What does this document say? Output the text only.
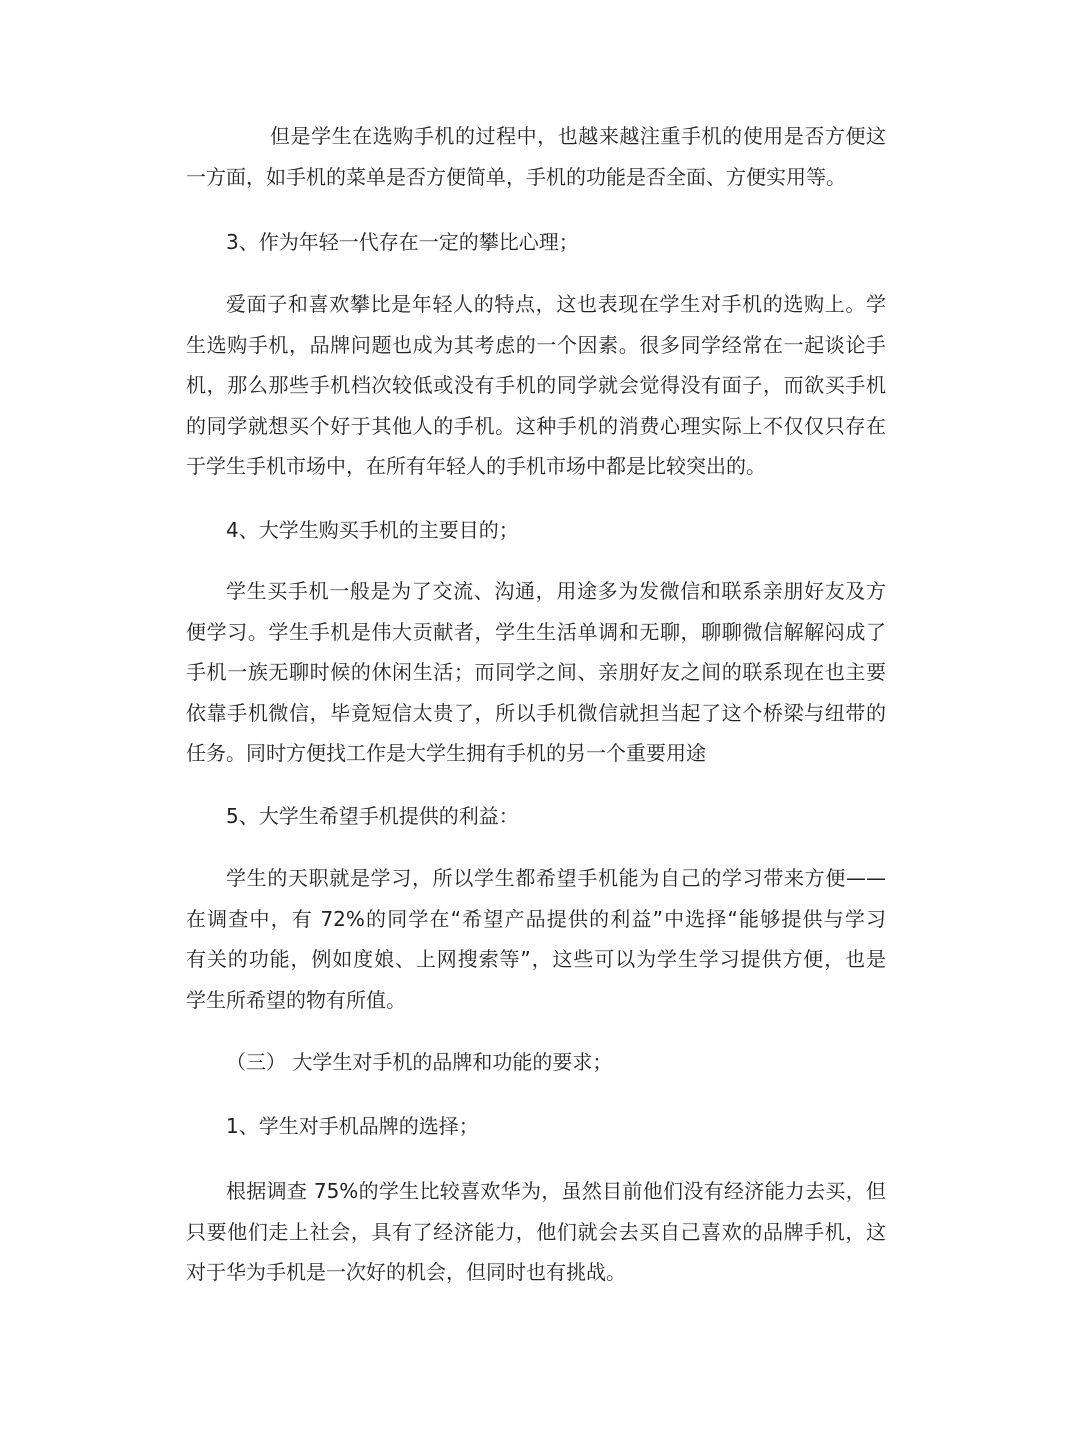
但是学生在选购手机的过程中，也越来越注重手机的使用是否方便这
一方面，如手机的菜单是否方便简单，手机的功能是否全面、方便实用等。
3、作为年轻一代存在一定的攀比心理；
爱面子和喜欢攀比是年轻人的特点，这也表现在学生对手机的选购上。学
生选购手机，品牌问题也成为其考虑的一个因素。很多同学经常在一起谈论手
机，那么那些手机档次较低或没有手机的同学就会觉得没有面子，而欲买手机
的同学就想买个好于其他人的手机。这种手机的消费心理实际上不仅仅只存在
于学生手机市场中，在所有年轻人的手机市场中都是比较突出的。
4、大学生购买手机的主要目的；
学生买手机一般是为了交流、沟通，用途多为发微信和联系亲朋好友及方
便学习。学生手机是伟大贡献者，学生生活单调和无聊，聊聊微信解解闷成了
手机一族无聊时候的休闲生活；而同学之间、亲朋好友之间的联系现在也主要
依靠手机微信，毕竟短信太贵了，所以手机微信就担当起了这个桥梁与纽带的
任务。同时方便找工作是大学生拥有手机的另一个重要用途
5、大学生希望手机提供的利益：
学生的天职就是学习，所以学生都希望手机能为自己的学习带来方便——
在调查中，有 72%的同学在“希望产品提供的利益”中选择“能够提供与学习
有关的功能，例如度娘、上网搜索等”，这些可以为学生学习提供方便，也是
学生所希望的物有所值。
（三） 大学生对手机的品牌和功能的要求；
1、学生对手机品牌的选择；
根据调查 75%的学生比较喜欢华为，虽然目前他们没有经济能力去买，但
只要他们走上社会，具有了经济能力，他们就会去买自己喜欢的品牌手机，这
对于华为手机是一次好的机会，但同时也有挑战。
